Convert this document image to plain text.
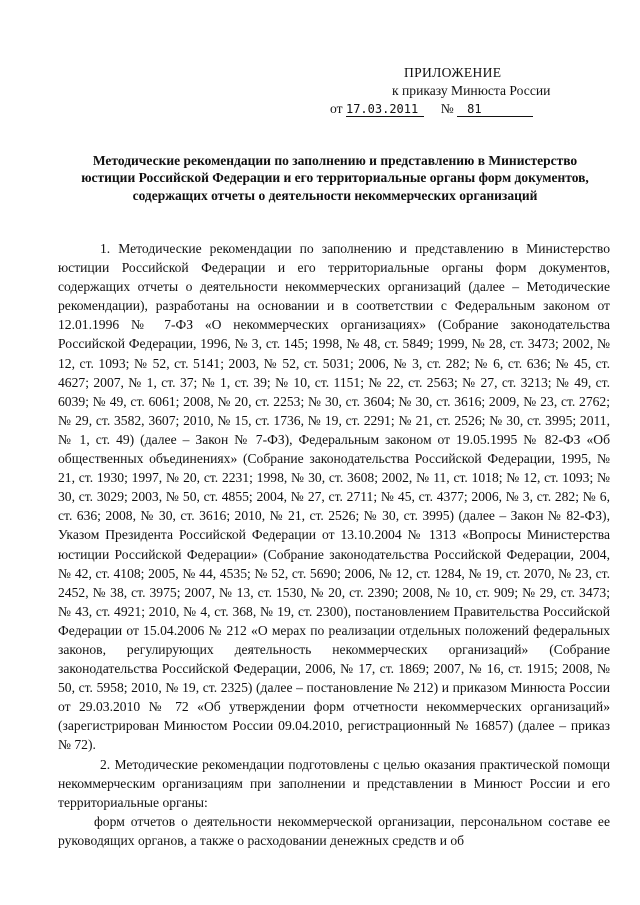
ПРИЛОЖЕНИЕ
к приказу Минюста России
от 17.03.2011 № 81
Методические рекомендации по заполнению и представлению в Министерство юстиции Российской Федерации и его территориальные органы форм документов, содержащих отчеты о деятельности некоммерческих организаций

1. Методические рекомендации по заполнению и представлению в Министерство юстиции Российской Федерации и его территориальные органы форм документов, содержащих отчеты о деятельности некоммерческих организаций (далее – Методические рекомендации), разработаны на основании и в соответствии с Федеральным законом от 12.01.1996 № 7-ФЗ «О некоммерческих организациях» (Собрание законодательства Российской Федерации, 1996, № 3, ст. 145; 1998, № 48, ст. 5849; 1999, № 28, ст. 3473; 2002, № 12, ст. 1093; № 52, ст. 5141; 2003, № 52, ст. 5031; 2006, № 3, ст. 282; № 6, ст. 636; № 45, ст. 4627; 2007, № 1, ст. 37; № 1, ст. 39; № 10, ст. 1151; № 22, ст. 2563; № 27, ст. 3213; № 49, ст. 6039; № 49, ст. 6061; 2008, № 20, ст. 2253; № 30, ст. 3604; № 30, ст. 3616; 2009, № 23, ст. 2762; № 29, ст. 3582, 3607; 2010, № 15, ст. 1736, № 19, ст. 2291; № 21, ст. 2526; № 30, ст. 3995; 2011, № 1, ст. 49) (далее – Закон № 7-ФЗ), Федеральным законом от 19.05.1995 № 82-ФЗ «Об общественных объединениях» (Собрание законодательства Российской Федерации, 1995, № 21, ст. 1930; 1997, № 20, ст. 2231; 1998, № 30, ст. 3608; 2002, № 11, ст. 1018; № 12, ст. 1093; № 30, ст. 3029; 2003, № 50, ст. 4855; 2004, № 27, ст. 2711; № 45, ст. 4377; 2006, № 3, ст. 282; № 6, ст. 636; 2008, № 30, ст. 3616; 2010, № 21, ст. 2526; № 30, ст. 3995) (далее – Закон № 82-ФЗ), Указом Президента Российской Федерации от 13.10.2004 № 1313 «Вопросы Министерства юстиции Российской Федерации» (Собрание законодательства Российской Федерации, 2004, № 42, ст. 4108; 2005, № 44, 4535; № 52, ст. 5690; 2006, № 12, ст. 1284, № 19, ст. 2070, № 23, ст. 2452, № 38, ст. 3975; 2007, № 13, ст. 1530, № 20, ст. 2390; 2008, № 10, ст. 909; № 29, ст. 3473; № 43, ст. 4921; 2010, № 4, ст. 368, № 19, ст. 2300), постановлением Правительства Российской Федерации от 15.04.2006 № 212 «О мерах по реализации отдельных положений федеральных законов, регулирующих деятельность некоммерческих организаций» (Собрание законодательства Российской Федерации, 2006, № 17, ст. 1869; 2007, № 16, ст. 1915; 2008, № 50, ст. 5958; 2010, № 19, ст. 2325) (далее – постановление № 212) и приказом Минюста России от 29.03.2010 № 72 «Об утверждении форм отчетности некоммерческих организаций» (зарегистрирован Минюстом России 09.04.2010, регистрационный № 16857) (далее – приказ № 72).

2. Методические рекомендации подготовлены с целью оказания практической помощи некоммерческим организациям при заполнении и представлении в Минюст России и его территориальные органы:

форм отчетов о деятельности некоммерческой организации, персональном составе ее руководящих органов, а также о расходовании денежных средств и об
